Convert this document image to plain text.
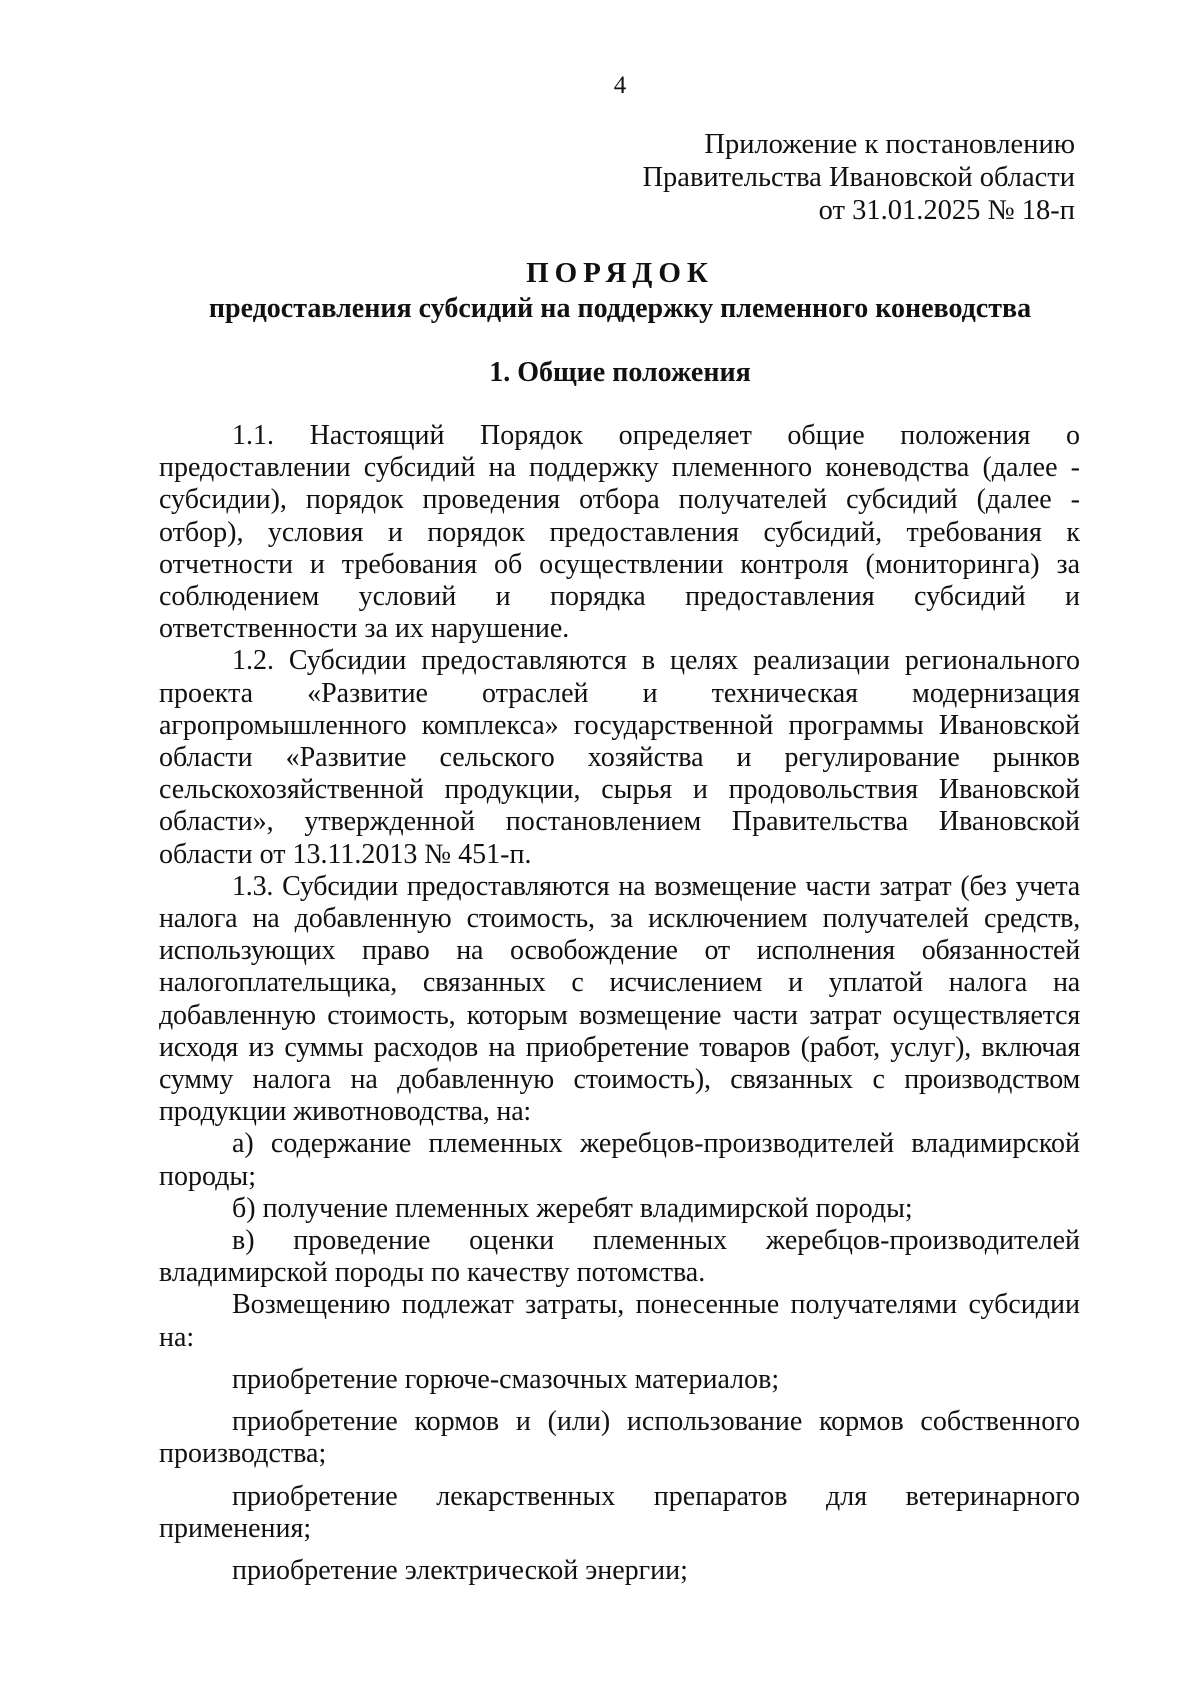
4
Приложение к постановлению
Правительства Ивановской области
от 31.01.2025 № 18-п
ПОРЯДОК
предоставления субсидий на поддержку племенного коневодства
1. Общие положения

1.1. Настоящий Порядок определяет общие положения о предоставлении субсидий на поддержку племенного коневодства (далее - субсидии), порядок проведения отбора получателей субсидий (далее - отбор), условия и порядок предоставления субсидий, требования к отчетности и требования об осуществлении контроля (мониторинга) за соблюдением условий и порядка предоставления субсидий и ответственности за их нарушение.

1.2. Субсидии предоставляются в целях реализации регионального проекта «Развитие отраслей и техническая модернизация агропромышленного комплекса» государственной программы Ивановской области «Развитие сельского хозяйства и регулирование рынков сельскохозяйственной продукции, сырья и продовольствия Ивановской области», утвержденной постановлением Правительства Ивановской области от 13.11.2013 № 451-п.

1.3. Субсидии предоставляются на возмещение части затрат (без учета налога на добавленную стоимость, за исключением получателей средств, использующих право на освобождение от исполнения обязанностей налогоплательщика, связанных с исчислением и уплатой налога на добавленную стоимость, которым возмещение части затрат осуществляется исходя из суммы расходов на приобретение товаров (работ, услуг), включая сумму налога на добавленную стоимость), связанных с производством продукции животноводства, на:

а) содержание племенных жеребцов-производителей владимирской породы;

б) получение племенных жеребят владимирской породы;

в) проведение оценки племенных жеребцов-производителей владимирской породы по качеству потомства.

Возмещению подлежат затраты, понесенные получателями субсидии на:

приобретение горюче-смазочных материалов;

приобретение кормов и (или) использование кормов собственного производства;

приобретение лекарственных препаратов для ветеринарного применения;

приобретение электрической энергии;
